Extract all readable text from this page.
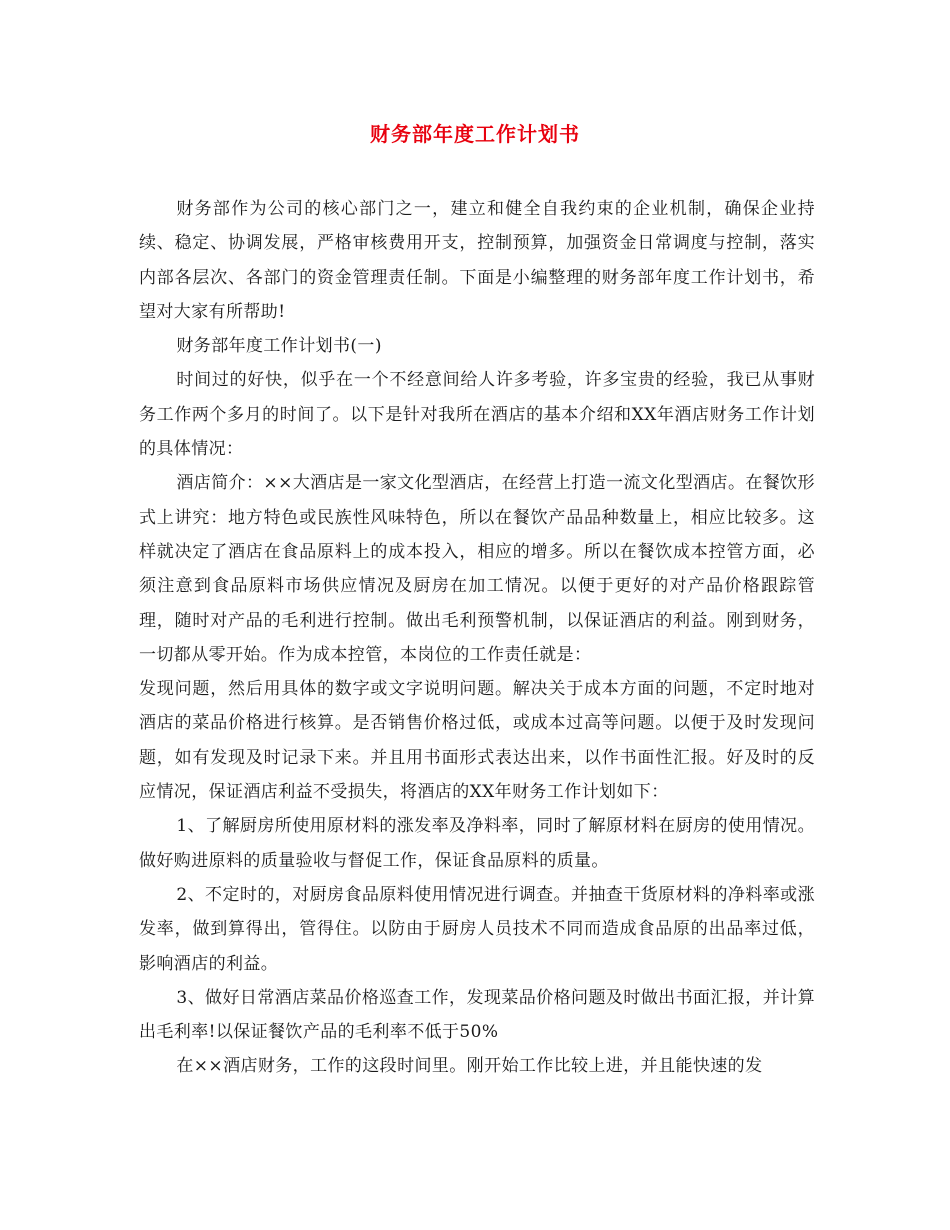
财务部年度工作计划书

财务部作为公司的核心部门之一，建立和健全自我约束的企业机制，确保企业持续、稳定、协调发展，严格审核费用开支，控制预算，加强资金日常调度与控制，落实内部各层次、各部门的资金管理责任制。下面是小编整理的财务部年度工作计划书，希望对大家有所帮助!

财务部年度工作计划书(一)

时间过的好快，似乎在一个不经意间给人许多考验，许多宝贵的经验，我已从事财务工作两个多月的时间了。以下是针对我所在酒店的基本介绍和XX年酒店财务工作计划的具体情况：

酒店简介：××大酒店是一家文化型酒店，在经营上打造一流文化型酒店。在餐饮形式上讲究：地方特色或民族性风味特色，所以在餐饮产品品种数量上，相应比较多。这样就决定了酒店在食品原料上的成本投入，相应的增多。所以在餐饮成本控管方面，必须注意到食品原料市场供应情况及厨房在加工情况。以便于更好的对产品价格跟踪管理，随时对产品的毛利进行控制。做出毛利预警机制，以保证酒店的利益。刚到财务，一切都从零开始。作为成本控管，本岗位的工作责任就是：

发现问题，然后用具体的数字或文字说明问题。解决关于成本方面的问题，不定时地对酒店的菜品价格进行核算。是否销售价格过低，或成本过高等问题。以便于及时发现问题，如有发现及时记录下来。并且用书面形式表达出来，以作书面性汇报。好及时的反应情况，保证酒店利益不受损失，将酒店的XX年财务工作计划如下：

1、了解厨房所使用原材料的涨发率及净料率，同时了解原材料在厨房的使用情况。做好购进原料的质量验收与督促工作，保证食品原料的质量。

2、不定时的，对厨房食品原料使用情况进行调查。并抽查干货原材料的净料率或涨发率，做到算得出，管得住。以防由于厨房人员技术不同而造成食品原的出品率过低，影响酒店的利益。

3、做好日常酒店菜品价格巡查工作，发现菜品价格问题及时做出书面汇报，并计算出毛利率!以保证餐饮产品的毛利率不低于50%

在××酒店财务，工作的这段时间里。刚开始工作比较上进，并且能快速的发
